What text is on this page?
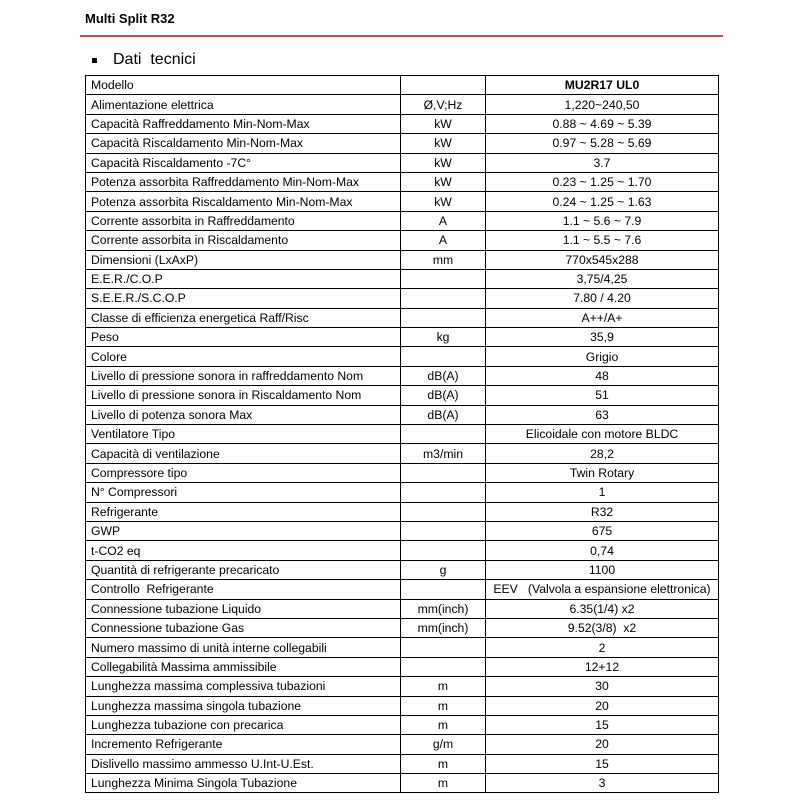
Multi Split R32
Dati  tecnici
Modello		MU2R17 UL0
Alimentazione elettrica	Ø,V;Hz	1,220~240,50
Capacità Raffreddamento Min-Nom-Max	kW	0.88 ~ 4.69 ~ 5.39
Capacità Riscaldamento Min-Nom-Max	kW	0.97 ~ 5.28 ~ 5.69
Capacità Riscaldamento -7C°	kW	3.7
Potenza assorbita Raffreddamento Min-Nom-Max	kW	0.23 ~ 1.25 ~ 1.70
Potenza assorbita Riscaldamento Min-Nom-Max	kW	0.24 ~ 1.25 ~ 1.63
Corrente assorbita in Raffreddamento	A	1.1 ~ 5.6 ~ 7.9
Corrente assorbita in Riscaldamento	A	1.1 ~ 5.5 ~ 7.6
Dimensioni (LxAxP)	mm	770x545x288
E.E.R./C.O.P		3,75/4,25
S.E.E.R./S.C.O.P		7.80 / 4.20
Classe di efficienza energetica Raff/Risc		A++/A+
Peso	kg	35,9
Colore		Grigio
Livello di pressione sonora in raffreddamento Nom	dB(A)	48
Livello di pressione sonora in Riscaldamento Nom	dB(A)	51
Livello di potenza sonora Max	dB(A)	63
Ventilatore Tipo		Elicoidale con motore BLDC
Capacità di ventilazione	m3/min	28,2
Compressore tipo		Twin Rotary
N° Compressori		1
Refrigerante		R32
GWP		675
t-CO2 eq		0,74
Quantità di refrigerante precaricato	g	1100
Controllo  Refrigerante		EEV   (Valvola a espansione elettronica)
Connessione tubazione Liquido	mm(inch)	6.35(1/4) x2
Connessione tubazione Gas	mm(inch)	9.52(3/8)  x2
Numero massimo di unità interne collegabili		2
Collegabilità Massima ammissibile		12+12
Lunghezza massima complessiva tubazioni	m	30
Lunghezza massima singola tubazione	m	20
Lunghezza tubazione con precarica	m	15
Incremento Refrigerante	g/m	20
Dislivello massimo ammesso U.Int-U.Est.	m	15
Lunghezza Minima Singola Tubazione	m	3
